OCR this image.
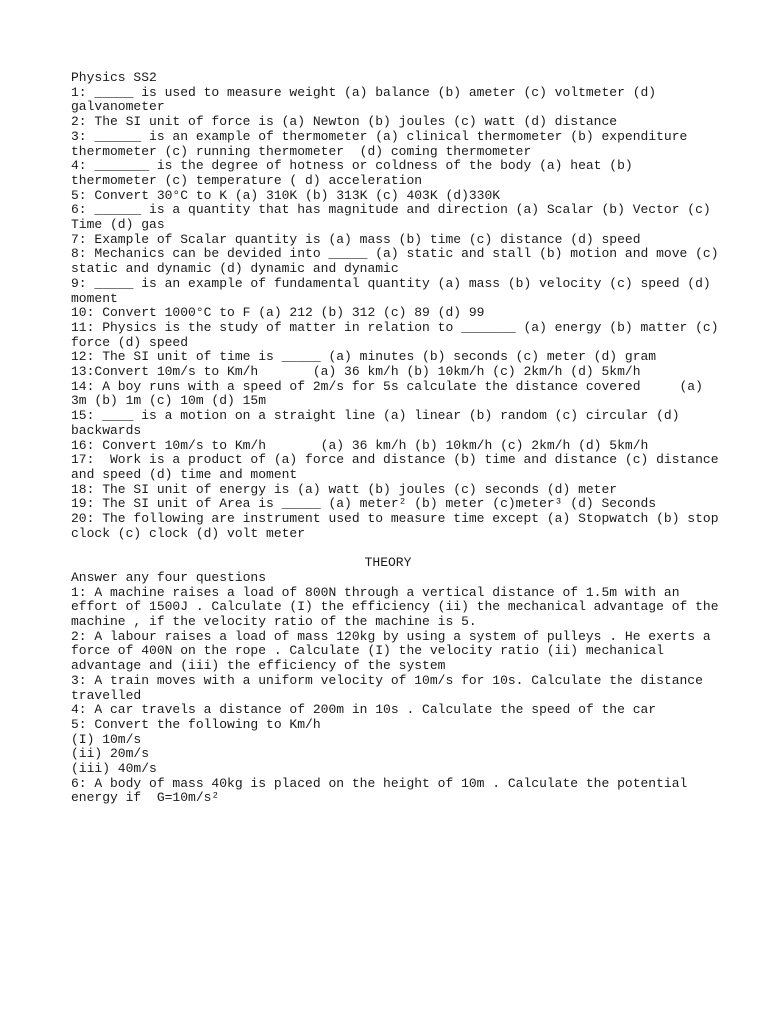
Physics SS2
1: _____ is used to measure weight (a) balance (b) ameter (c) voltmeter (d)
galvanometer
2: The SI unit of force is (a) Newton (b) joules (c) watt (d) distance
3: ______ is an example of thermometer (a) clinical thermometer (b) expenditure
thermometer (c) running thermometer  (d) coming thermometer
4: _______ is the degree of hotness or coldness of the body (a) heat (b)
thermometer (c) temperature ( d) acceleration
5: Convert 30°C to K (a) 310K (b) 313K (c) 403K (d)330K
6: ______ is a quantity that has magnitude and direction (a) Scalar (b) Vector (c)
Time (d) gas
7: Example of Scalar quantity is (a) mass (b) time (c) distance (d) speed
8: Mechanics can be devided into _____ (a) static and stall (b) motion and move (c)
static and dynamic (d) dynamic and dynamic
9: _____ is an example of fundamental quantity (a) mass (b) velocity (c) speed (d)
moment
10: Convert 1000°C to F (a) 212 (b) 312 (c) 89 (d) 99
11: Physics is the study of matter in relation to _______ (a) energy (b) matter (c)
force (d) speed
12: The SI unit of time is _____ (a) minutes (b) seconds (c) meter (d) gram
13:Convert 10m/s to Km/h       (a) 36 km/h (b) 10km/h (c) 2km/h (d) 5km/h
14: A boy runs with a speed of 2m/s for 5s calculate the distance covered     (a)
3m (b) 1m (c) 10m (d) 15m
15: ____ is a motion on a straight line (a) linear (b) random (c) circular (d)
backwards
16: Convert 10m/s to Km/h       (a) 36 km/h (b) 10km/h (c) 2km/h (d) 5km/h
17:  Work is a product of (a) force and distance (b) time and distance (c) distance
and speed (d) time and moment
18: The SI unit of energy is (a) watt (b) joules (c) seconds (d) meter
19: The SI unit of Area is _____ (a) meter² (b) meter (c)meter³ (d) Seconds
20: The following are instrument used to measure time except (a) Stopwatch (b) stop
clock (c) clock (d) volt meter
THEORY
Answer any four questions
1: A machine raises a load of 800N through a vertical distance of 1.5m with an
effort of 1500J . Calculate (I) the efficiency (ii) the mechanical advantage of the
machine , if the velocity ratio of the machine is 5.
2: A labour raises a load of mass 120kg by using a system of pulleys . He exerts a
force of 400N on the rope . Calculate (I) the velocity ratio (ii) mechanical
advantage and (iii) the efficiency of the system
3: A train moves with a uniform velocity of 10m/s for 10s. Calculate the distance
travelled
4: A car travels a distance of 200m in 10s . Calculate the speed of the car
5: Convert the following to Km/h
(I) 10m/s
(ii) 20m/s
(iii) 40m/s
6: A body of mass 40kg is placed on the height of 10m . Calculate the potential
energy if  G=10m/s²
